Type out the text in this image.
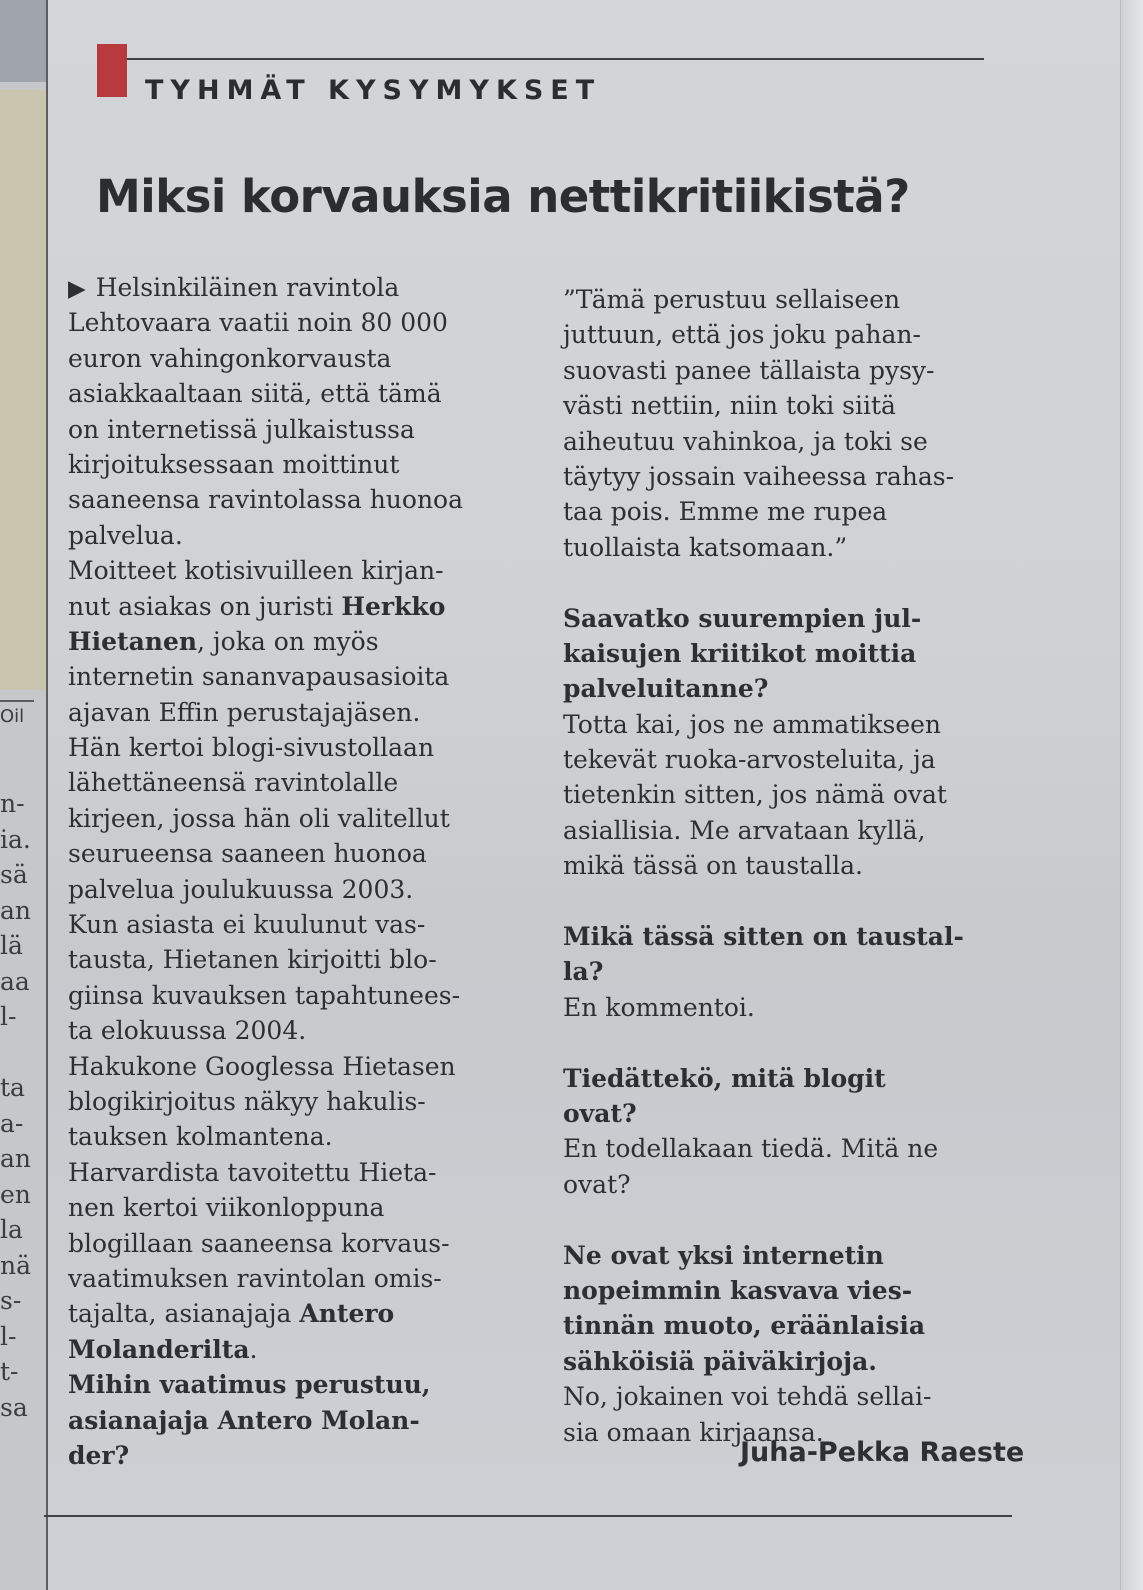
Oil
n-
ia.
sä
an
lä
aa
l-
ta
a-
an
en
la
nä
s-
l-
t-
sa
TYHMÄT KYSYMYKSET
Miksi korvauksia nettikritiikistä?
▶ Helsinkiläinen ravintola
Lehtovaara vaatii noin 80 000
euron vahingonkorvausta
asiakkaaltaan siitä, että tämä
on internetissä julkaistussa
kirjoituksessaan moittinut
saaneensa ravintolassa huonoa
palvelua.
Moitteet kotisivuilleen kirjan-
nut asiakas on juristi Herkko
Hietanen, joka on myös
internetin sananvapausasioita
ajavan Effin perustajajäsen.
Hän kertoi blogi-sivustollaan
lähettäneensä ravintolalle
kirjeen, jossa hän oli valitellut
seurueensa saaneen huonoa
palvelua joulukuussa 2003.
Kun asiasta ei kuulunut vas-
tausta, Hietanen kirjoitti blo-
giinsa kuvauksen tapahtunees-
ta elokuussa 2004.
Hakukone Googlessa Hietasen
blogikirjoitus näkyy hakulis-
tauksen kolmantena.
Harvardista tavoitettu Hieta-
nen kertoi viikonloppuna
blogillaan saaneensa korvaus-
vaatimuksen ravintolan omis-
tajalta, asianajaja Antero
Molanderilta.
Mihin vaatimus perustuu,
asianajaja Antero Molan-
der?
”Tämä perustuu sellaiseen
juttuun, että jos joku pahan-
suovasti panee tällaista pysy-
västi nettiin, niin toki siitä
aiheutuu vahinkoa, ja toki se
täytyy jossain vaiheessa rahas-
taa pois. Emme me rupea
tuollaista katsomaan.”
Saavatko suurempien jul-
kaisujen kriitikot moittia
palveluitanne?
Totta kai, jos ne ammatikseen
tekevät ruoka-arvosteluita, ja
tietenkin sitten, jos nämä ovat
asiallisia. Me arvataan kyllä,
mikä tässä on taustalla.
Mikä tässä sitten on taustal-
la?
En kommentoi.
Tiedättekö, mitä blogit
ovat?
En todellakaan tiedä. Mitä ne
ovat?
Ne ovat yksi internetin
nopeimmin kasvava vies-
tinnän muoto, eräänlaisia
sähköisiä päiväkirjoja.
No, jokainen voi tehdä sellai-
sia omaan kirjaansa.
Juha-Pekka Raeste
